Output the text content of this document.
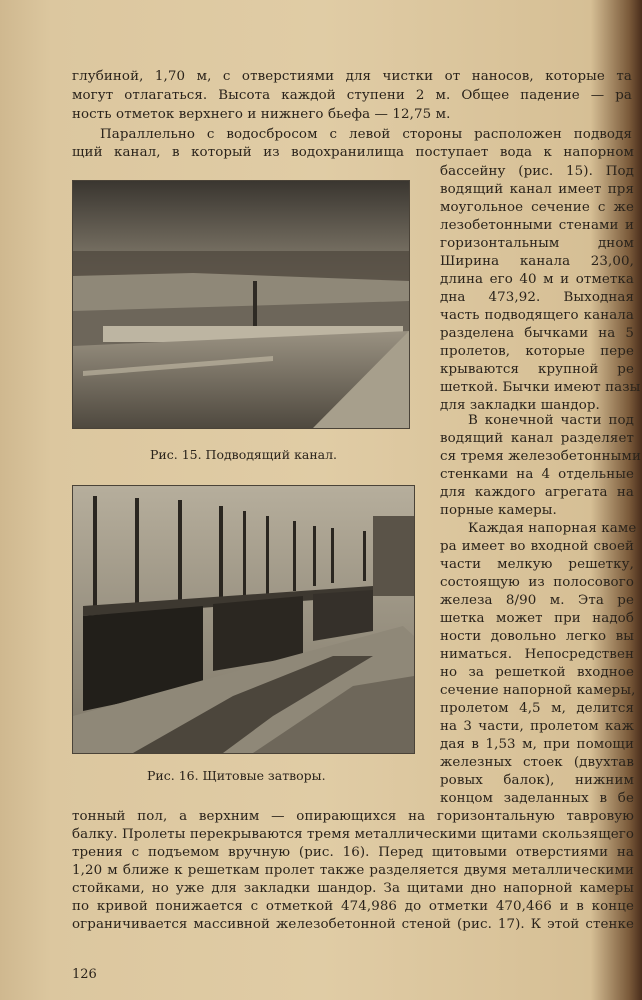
глубиной, 1,70 м, с отверстиями для чистки от наносов, которые та
могут отлагаться. Высота каждой ступени 2 м. Общее падение — ра
ность отметок верхнего и нижнего бьефа — 12,75 м.
Параллельно с водосбросом с левой стороны расположен подводя
щий канал, в который из водохранилища поступает вода к напорном
Рис. 15. Подводящий канал.
Рис. 16. Щитовые затворы.
бассейну (рис. 15). Под
водящий канал имеет пря
моугольное сечение с же
лезобетонными стенами и
горизонтальным дном
Ширина канала 23,00,
длина его 40 м и отметка
дна 473,92. Выходная
часть подводящего канала
разделена бычками на 5
пролетов, которые пере
крываются крупной ре
шеткой. Бычки имеют пазы
для закладки шандор.
В конечной части под
водящий канал разделяет
ся тремя железобетонными
стенками на 4 отдельные
для каждого агрегата на
порные камеры.
Каждая напорная каме
ра имеет во входной своей
части мелкую решетку,
состоящую из полосового
железа 8/90 м. Эта ре
шетка может при надоб
ности довольно легко вы
ниматься. Непосредствен
но за решеткой входное
сечение напорной камеры,
пролетом 4,5 м, делится
на 3 части, пролетом каж
дая в 1,53 м, при помощи
железных стоек (двухтав
ровых балок), нижним
концом заделанных в бе
тонный пол, а верхним — опирающихся на горизонтальную тавровую
балку. Пролеты перекрываются тремя металлическими щитами скользящего
трения с подъемом вручную (рис. 16). Перед щитовыми отверстиями на
1,20 м ближе к решеткам пролет также разделяется двумя металлическими
стойками, но уже для закладки шандор. За щитами дно напорной камеры
по кривой понижается с отметкой 474,986 до отметки 470,466 и в конце
ограничивается массивной железобетонной стеной (рис. 17). К этой стенке
126
